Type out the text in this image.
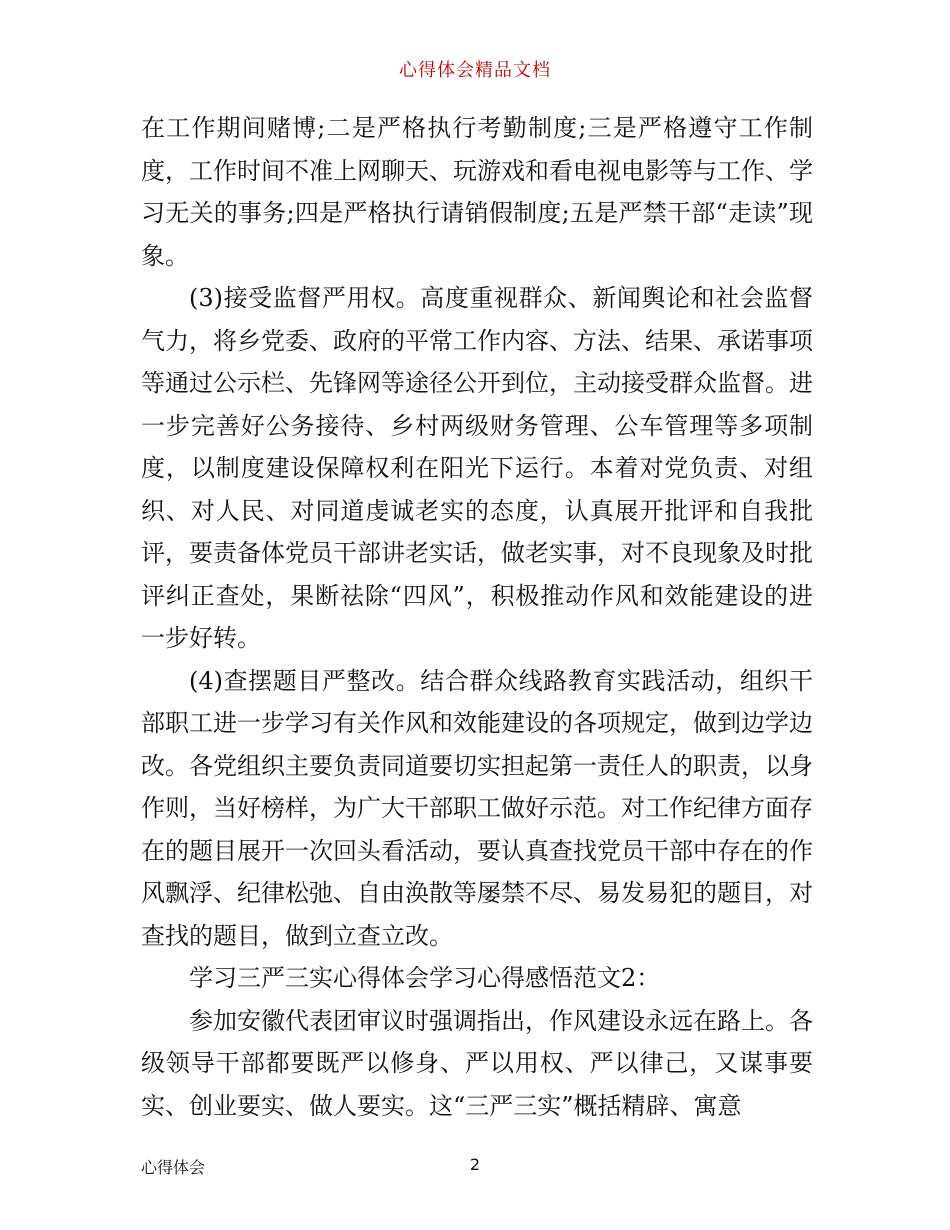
心得体会精品文档

在工作期间赌博;二是严格执行考勤制度;三是严格遵守工作制度，工作时间不准上网聊天、玩游戏和看电视电影等与工作、学习无关的事务;四是严格执行请销假制度;五是严禁干部“走读”现象。

(3)接受监督严用权。高度重视群众、新闻舆论和社会监督气力，将乡党委、政府的平常工作内容、方法、结果、承诺事项等通过公示栏、先锋网等途径公开到位，主动接受群众监督。进一步完善好公务接待、乡村两级财务管理、公车管理等多项制度，以制度建设保障权利在阳光下运行。本着对党负责、对组织、对人民、对同道虔诚老实的态度，认真展开批评和自我批评，要责备体党员干部讲老实话，做老实事，对不良现象及时批评纠正查处，果断祛除“四风”，积极推动作风和效能建设的进一步好转。

(4)查摆题目严整改。结合群众线路教育实践活动，组织干部职工进一步学习有关作风和效能建设的各项规定，做到边学边改。各党组织主要负责同道要切实担起第一责任人的职责，以身作则，当好榜样，为广大干部职工做好示范。对工作纪律方面存在的题目展开一次回头看活动，要认真查找党员干部中存在的作风飘浮、纪律松弛、自由涣散等屡禁不尽、易发易犯的题目，对查找的题目，做到立查立改。

学习三严三实心得体会学习心得感悟范文2：

参加安徽代表团审议时强调指出，作风建设永远在路上。各级领导干部都要既严以修身、严以用权、严以律己，又谋事要实、创业要实、做人要实。这“三严三实”概括精辟、寓意

心得体会	2
